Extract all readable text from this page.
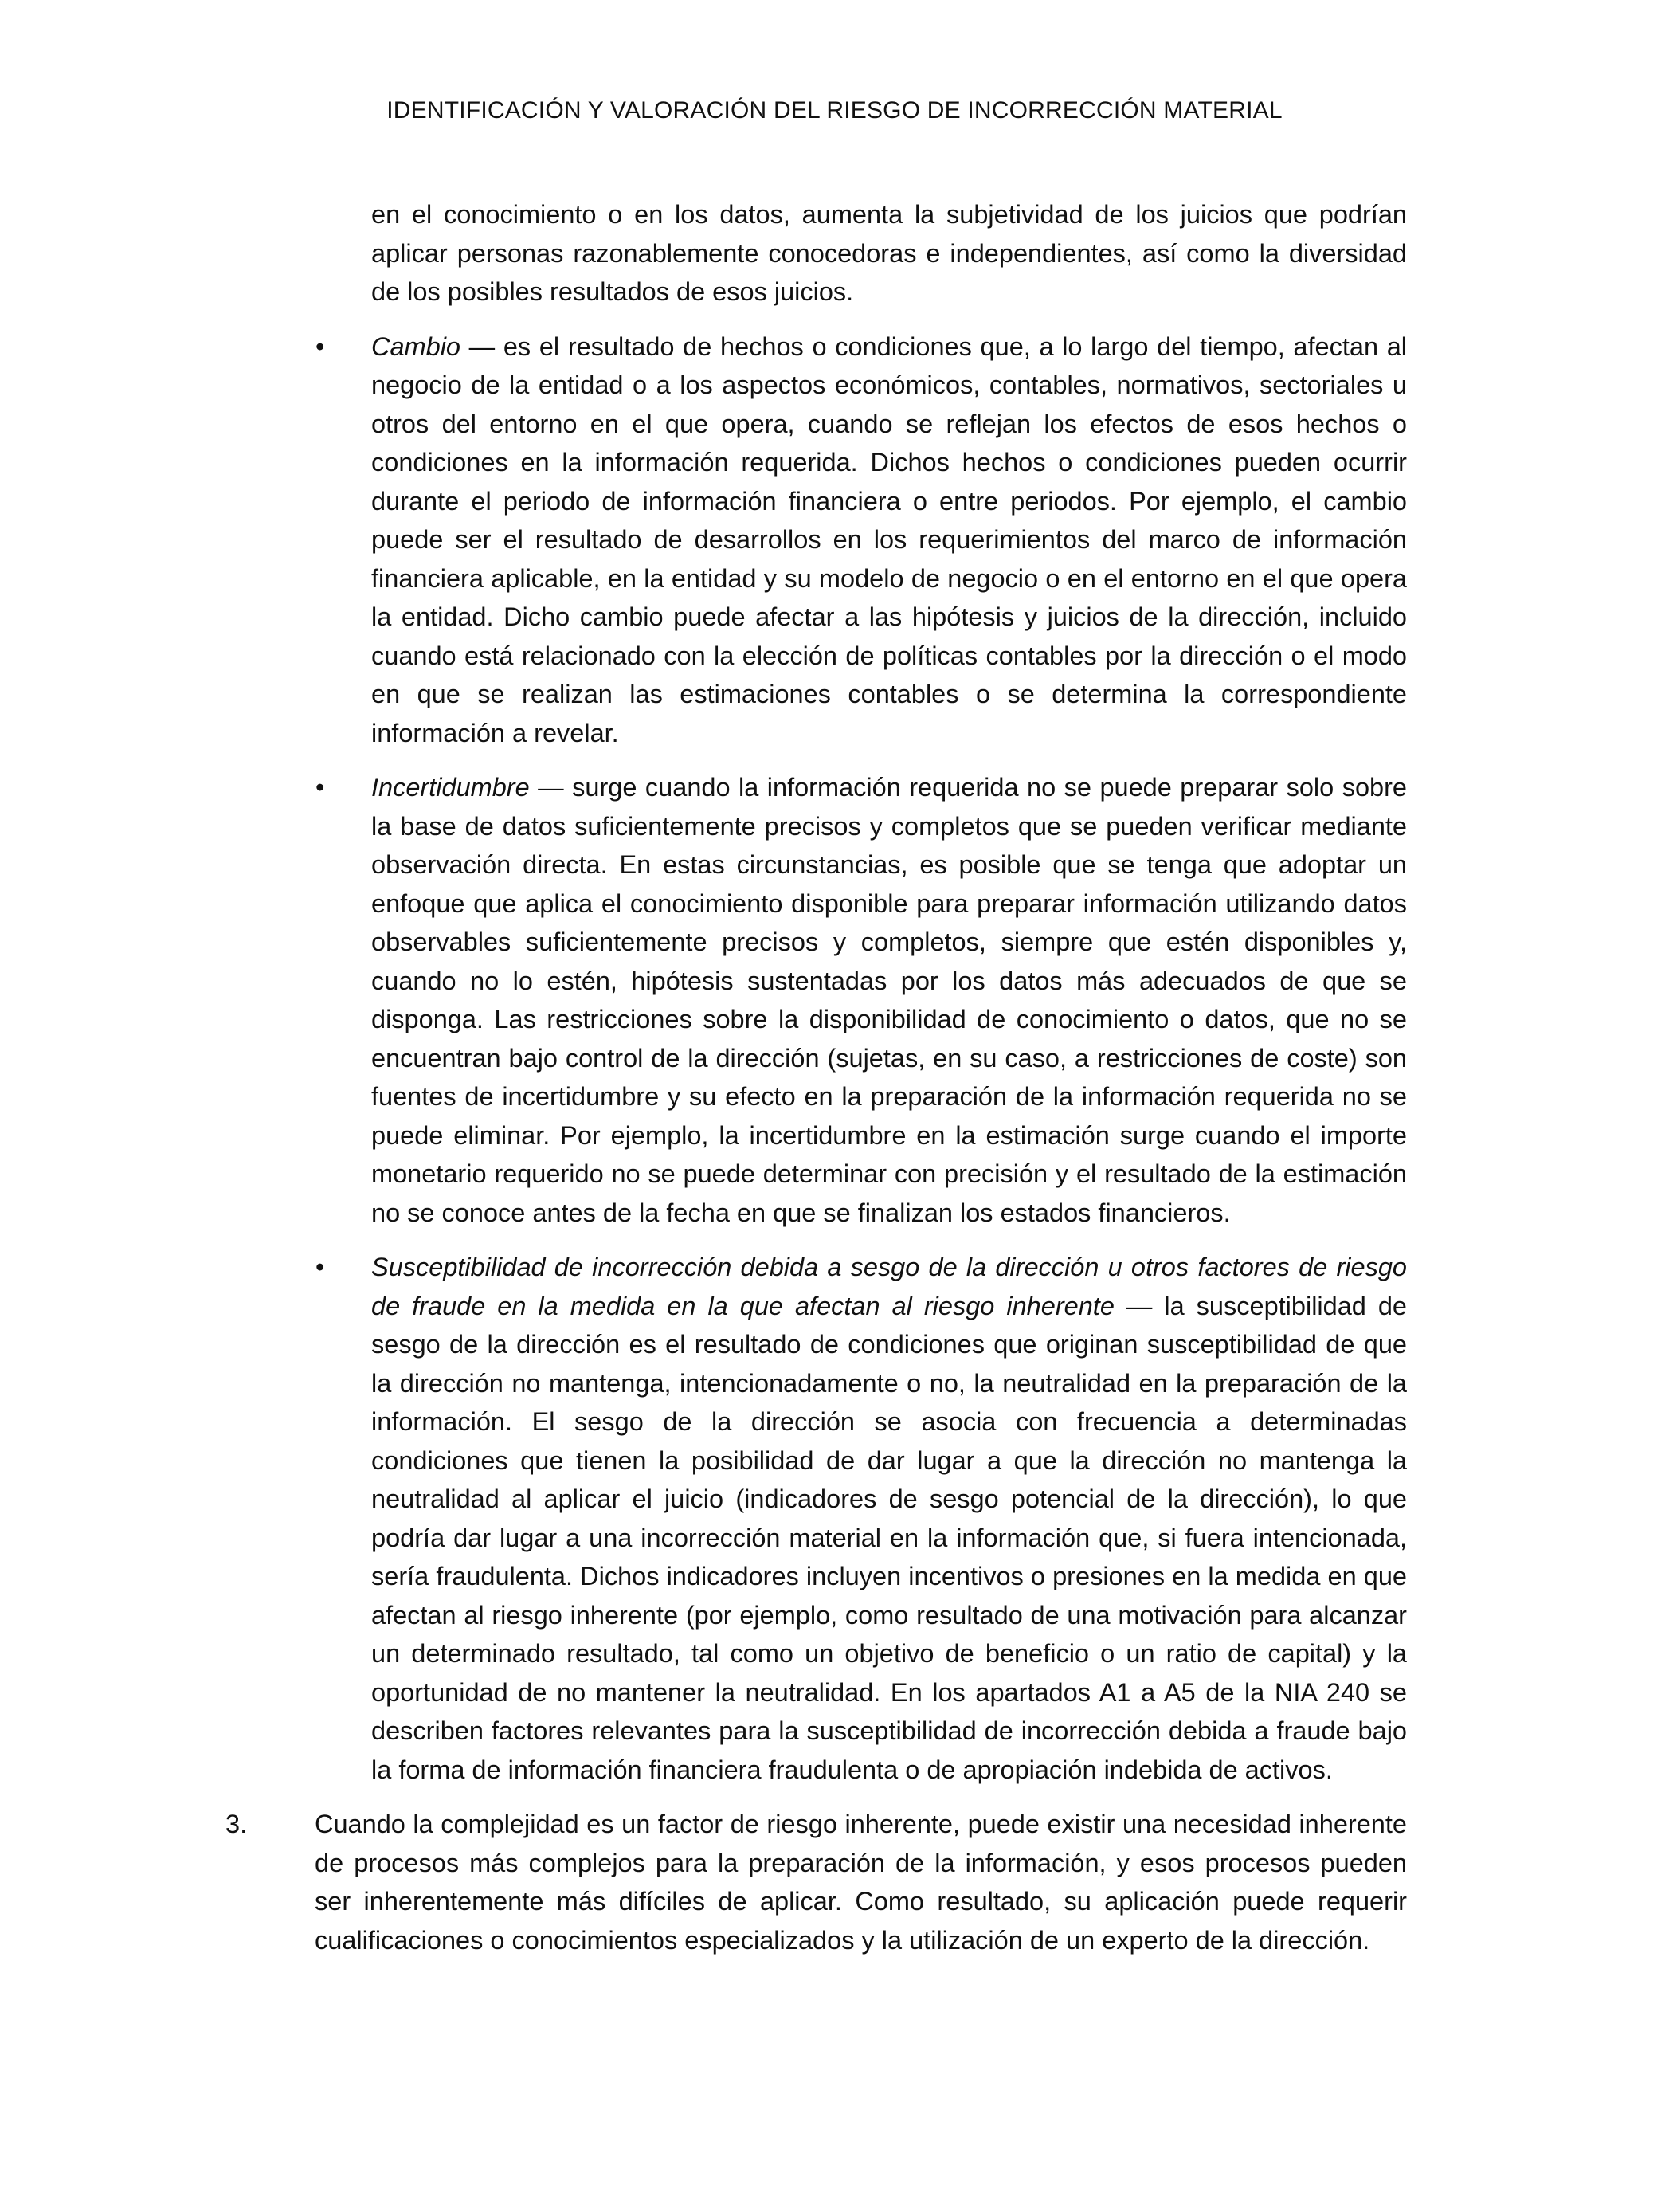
IDENTIFICACIÓN Y VALORACIÓN DEL RIESGO DE INCORRECCIÓN MATERIAL

en el conocimiento o en los datos, aumenta la subjetividad de los juicios que podrían aplicar personas razonablemente conocedoras e independientes, así como la diversidad de los posibles resultados de esos juicios.

• Cambio — es el resultado de hechos o condiciones que, a lo largo del tiempo, afectan al negocio de la entidad o a los aspectos económicos, contables, normativos, sectoriales u otros del entorno en el que opera, cuando se reflejan los efectos de esos hechos o condiciones en la información requerida. Dichos hechos o condiciones pueden ocurrir durante el periodo de información financiera o entre periodos. Por ejemplo, el cambio puede ser el resultado de desarrollos en los requerimientos del marco de información financiera aplicable, en la entidad y su modelo de negocio o en el entorno en el que opera la entidad. Dicho cambio puede afectar a las hipótesis y juicios de la dirección, incluido cuando está relacionado con la elección de políticas contables por la dirección o el modo en que se realizan las estimaciones contables o se determina la correspondiente información a revelar.

• Incertidumbre — surge cuando la información requerida no se puede preparar solo sobre la base de datos suficientemente precisos y completos que se pueden verificar mediante observación directa. En estas circunstancias, es posible que se tenga que adoptar un enfoque que aplica el conocimiento disponible para preparar información utilizando datos observables suficientemente precisos y completos, siempre que estén disponibles y, cuando no lo estén, hipótesis sustentadas por los datos más adecuados de que se disponga. Las restricciones sobre la disponibilidad de conocimiento o datos, que no se encuentran bajo control de la dirección (sujetas, en su caso, a restricciones de coste) son fuentes de incertidumbre y su efecto en la preparación de la información requerida no se puede eliminar. Por ejemplo, la incertidumbre en la estimación surge cuando el importe monetario requerido no se puede determinar con precisión y el resultado de la estimación no se conoce antes de la fecha en que se finalizan los estados financieros.

• Susceptibilidad de incorrección debida a sesgo de la dirección u otros factores de riesgo de fraude en la medida en la que afectan al riesgo inherente — la susceptibilidad de sesgo de la dirección es el resultado de condiciones que originan susceptibilidad de que la dirección no mantenga, intencionadamente o no, la neutralidad en la preparación de la información. El sesgo de la dirección se asocia con frecuencia a determinadas condiciones que tienen la posibilidad de dar lugar a que la dirección no mantenga la neutralidad al aplicar el juicio (indicadores de sesgo potencial de la dirección), lo que podría dar lugar a una incorrección material en la información que, si fuera intencionada, sería fraudulenta. Dichos indicadores incluyen incentivos o presiones en la medida en que afectan al riesgo inherente (por ejemplo, como resultado de una motivación para alcanzar un determinado resultado, tal como un objetivo de beneficio o un ratio de capital) y la oportunidad de no mantener la neutralidad. En los apartados A1 a A5 de la NIA 240 se describen factores relevantes para la susceptibilidad de incorrección debida a fraude bajo la forma de información financiera fraudulenta o de apropiación indebida de activos.

3.	Cuando la complejidad es un factor de riesgo inherente, puede existir una necesidad inherente de procesos más complejos para la preparación de la información, y esos procesos pueden ser inherentemente más difíciles de aplicar. Como resultado, su aplicación puede requerir cualificaciones o conocimientos especializados y la utilización de un experto de la dirección.
